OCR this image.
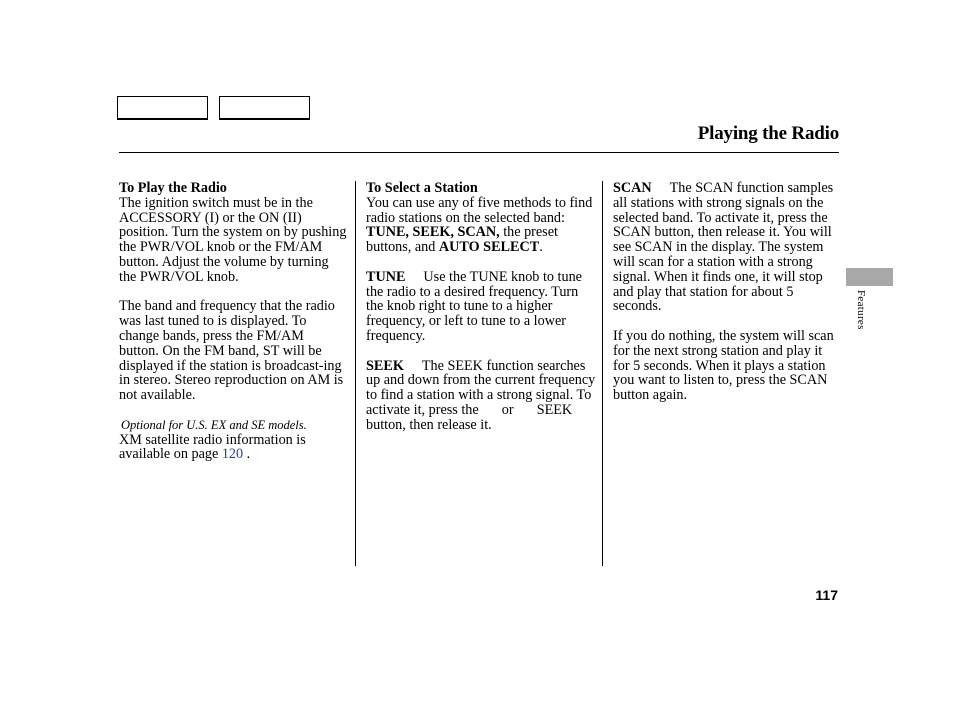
Playing the Radio

To Play the Radio
The ignition switch must be in the ACCESSORY (I) or the ON (II) position. Turn the system on by pushing the PWR/VOL knob or the FM/AM button. Adjust the volume by turning the PWR/VOL knob.

The band and frequency that the radio was last tuned to is displayed. To change bands, press the FM/AM button. On the FM band, ST will be displayed if the station is broadcast-ing in stereo. Stereo reproduction on AM is not available.

Optional for U.S. EX and SE models.
XM satellite radio information is available on page 120 .

To Select a Station
You can use any of five methods to find radio stations on the selected band: TUNE, SEEK, SCAN, the preset buttons, and AUTO SELECT.

TUNE Use the TUNE knob to tune the radio to a desired frequency. Turn the knob right to tune to a higher frequency, or left to tune to a lower frequency.

SEEK The SEEK function searches up and down from the current frequency to find a station with a strong signal. To activate it, press the  or  SEEK button, then release it.

SCAN The SCAN function samples all stations with strong signals on the selected band. To activate it, press the SCAN button, then release it. You will see SCAN in the display. The system will scan for a station with a strong signal. When it finds one, it will stop and play that station for about 5 seconds.

If you do nothing, the system will scan for the next strong station and play it for 5 seconds. When it plays a station you want to listen to, press the SCAN button again.

Features
117
